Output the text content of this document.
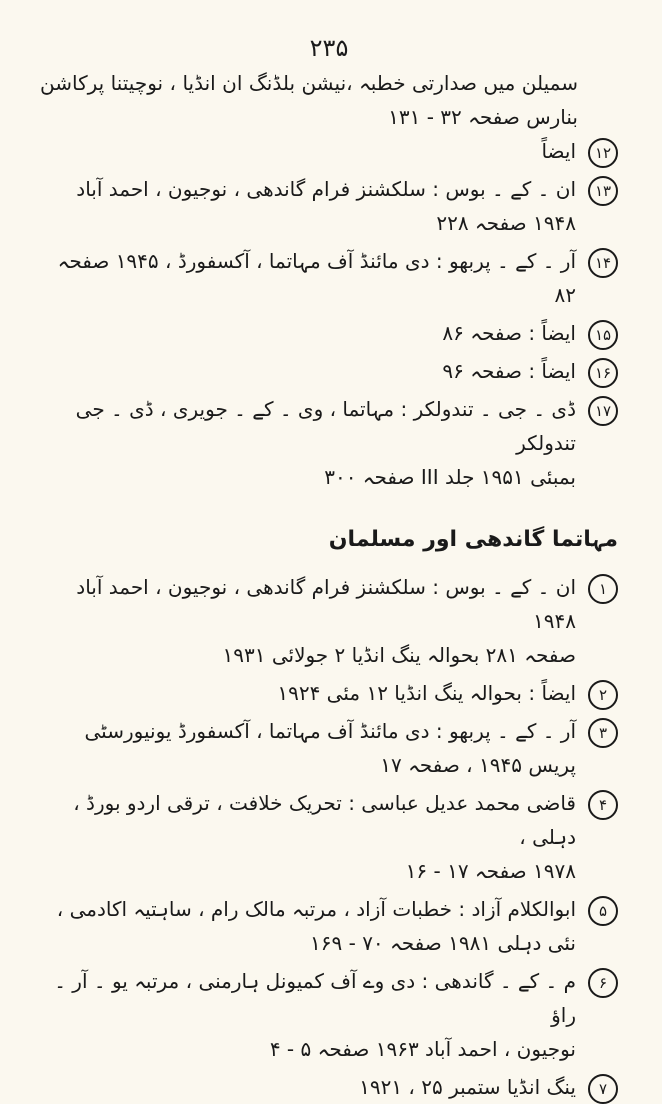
۲۳۵
سمیلن میں صدارتی خطبہ ،نیشن بلڈنگ ان انڈیا ، نوچیتنا پرکاشن بنارس صفحہ ۳۲ - ۱۳۱
۱۲
ایضاً
۱۳
ان ۔ کے ۔ بوس : سلکشنز فرام گاندھی ، نوجیون ، احمد آباد
۱۹۴۸ صفحہ ۲۲۸
۱۴
آر ۔ کے ۔ پربھو : دی مائنڈ آف مہاتما ، آکسفورڈ ، ۱۹۴۵ صفحہ ۸۲
۱۵
ایضاً : صفحہ ۸۶
۱۶
ایضاً : صفحہ ۹۶
۱۷
ڈی ۔ جی ۔ تندولکر : مہاتما ، وی ۔ کے ۔ جویری ، ڈی ۔ جی تندولکر
بمبئی ۱۹۵۱ جلد III صفحہ ۳۰۰
مہاتما گاندھی اور مسلمان
۱
ان ۔ کے ۔ بوس : سلکشنز فرام گاندھی ، نوجیون ، احمد آباد ۱۹۴۸
صفحہ ۲۸۱ بحوالہ ینگ انڈیا ۲ جولائی ۱۹۳۱
۲
ایضاً : بحوالہ ینگ انڈیا ۱۲ مئی ۱۹۲۴
۳
آر ۔ کے ۔ پربھو : دی مائنڈ آف مہاتما ، آکسفورڈ یونیورسٹی
پریس ۱۹۴۵ ، صفحہ ۱۷
۴
قاضی محمد عدیل عباسی : تحریک خلافت ، ترقی اردو بورڈ ، دہلی ،
۱۹۷۸ صفحہ ۱۷ - ۱۶
۵
ابوالکلام آزاد : خطبات آزاد ، مرتبہ مالک رام ، ساہتیہ اکادمی ،
نئی دہلی ۱۹۸۱ صفحہ ۷۰ - ۱۶۹
۶
م ۔ کے ۔ گاندھی : دی وے آف کمیونل ہارمنی ، مرتبہ یو ۔ آر ۔ راؤ
نوجیون ، احمد آباد ۱۹۶۳ صفحہ ۵ - ۴
۷
ینگ انڈیا ستمبر ۲۵ ، ۱۹۲۱
